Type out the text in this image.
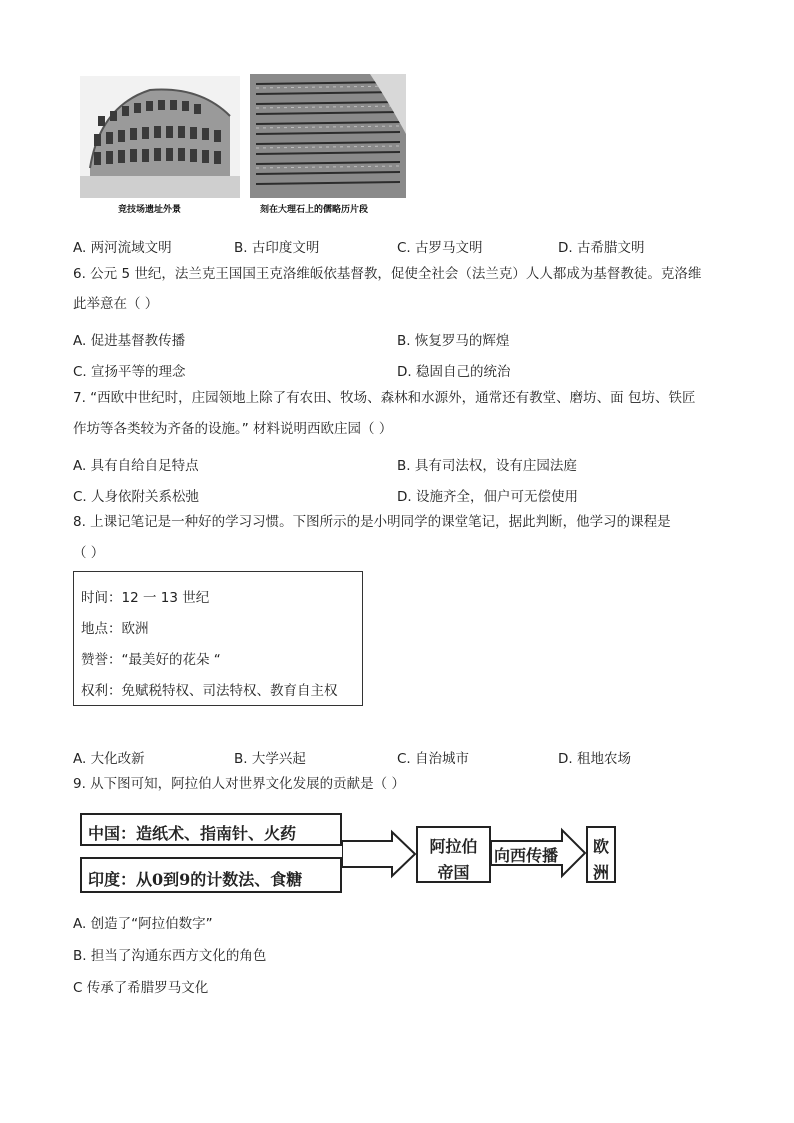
竞技场遗址外景	刻在大理石上的儒略历片段
A. 两河流域文明	B. 古印度文明	C. 古罗马文明	D. 古希腊文明
6. 公元 5 世纪，法兰克王国国王克洛维皈依基督教，促使全社会（法兰克）人人都成为基督教徒。克洛维
此举意在（ ）
A. 促进基督教传播	B. 恢复罗马的辉煌
C. 宣扬平等的理念	D. 稳固自己的统治
7. “西欧中世纪时，庄园领地上除了有农田、牧场、森林和水源外，通常还有教堂、磨坊、面 包坊、铁匠
作坊等各类较为齐备的设施。” 材料说明西欧庄园（ ）
A. 具有自给自足特点	B. 具有司法权，设有庄园法庭
C. 人身依附关系松弛	D. 设施齐全，佃户可无偿使用
8. 上课记笔记是一种好的学习习惯。下图所示的是小明同学的课堂笔记，据此判断，他学习的课程是
（ ）
时间：12 一 13 世纪
地点：欧洲
赞誉：“最美好的花朵 “
权利：免赋税特权、司法特权、教育自主权
A. 大化改新	B. 大学兴起	C. 自治城市	D. 租地农场
9. 从下图可知，阿拉伯人对世界文化发展的贡献是（ ）
中国：造纸术、指南针、火药
印度：从0到9的计数法、食糖
阿拉伯
帝国
向西传播	欧
洲
A. 创造了“阿拉伯数字”
B. 担当了沟通东西方文化的角色
C 传承了希腊罗马文化
